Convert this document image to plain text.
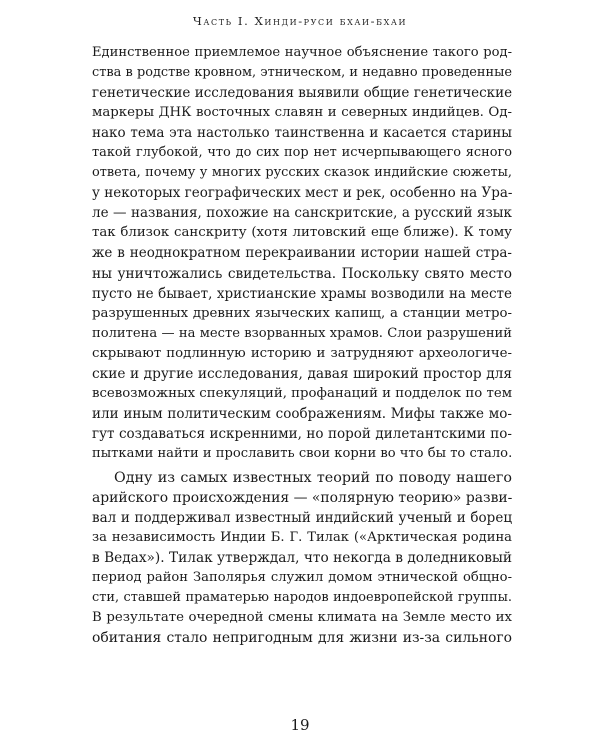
Часть I. Хинди-руси бхаи-бхаи
Единственное приемлемое научное объяснение такого род-
ства в родстве кровном, этническом, и недавно проведенные
генетические исследования выявили общие генетические
маркеры ДНК восточных славян и северных индийцев. Од-
нако тема эта настолько таинственна и касается старины
такой глубокой, что до сих пор нет исчерпывающего ясного
ответа, почему у многих русских сказок индийские сюжеты,
у некоторых географических мест и рек, особенно на Ура-
ле — названия, похожие на санскритские, а русский язык
так близок санскриту (хотя литовский еще ближе). К тому
же в неоднократном перекраивании истории нашей стра-
ны уничтожались свидетельства. Поскольку свято место
пусто не бывает, христианские храмы возводили на месте
разрушенных древних языческих капищ, а станции метро-
политена — на месте взорванных храмов. Слои разрушений
скрывают подлинную историю и затрудняют археологиче-
ские и другие исследования, давая широкий простор для
всевозможных спекуляций, профанаций и подделок по тем
или иным политическим соображениям. Мифы также мо-
гут создаваться искренними, но порой дилетантскими по-
пытками найти и прославить свои корни во что бы то стало.
Одну из самых известных теорий по поводу нашего
арийского происхождения — «полярную теорию» разви-
вал и поддерживал известный индийский ученый и борец
за независимость Индии Б. Г. Тилак («Арктическая родина
в Ведах»). Тилак утверждал, что некогда в доледниковый
период район Заполярья служил домом этнической общно-
сти, ставшей праматерью народов индоевропейской группы.
В результате очередной смены климата на Земле место их
обитания стало непригодным для жизни из-за сильного
19
